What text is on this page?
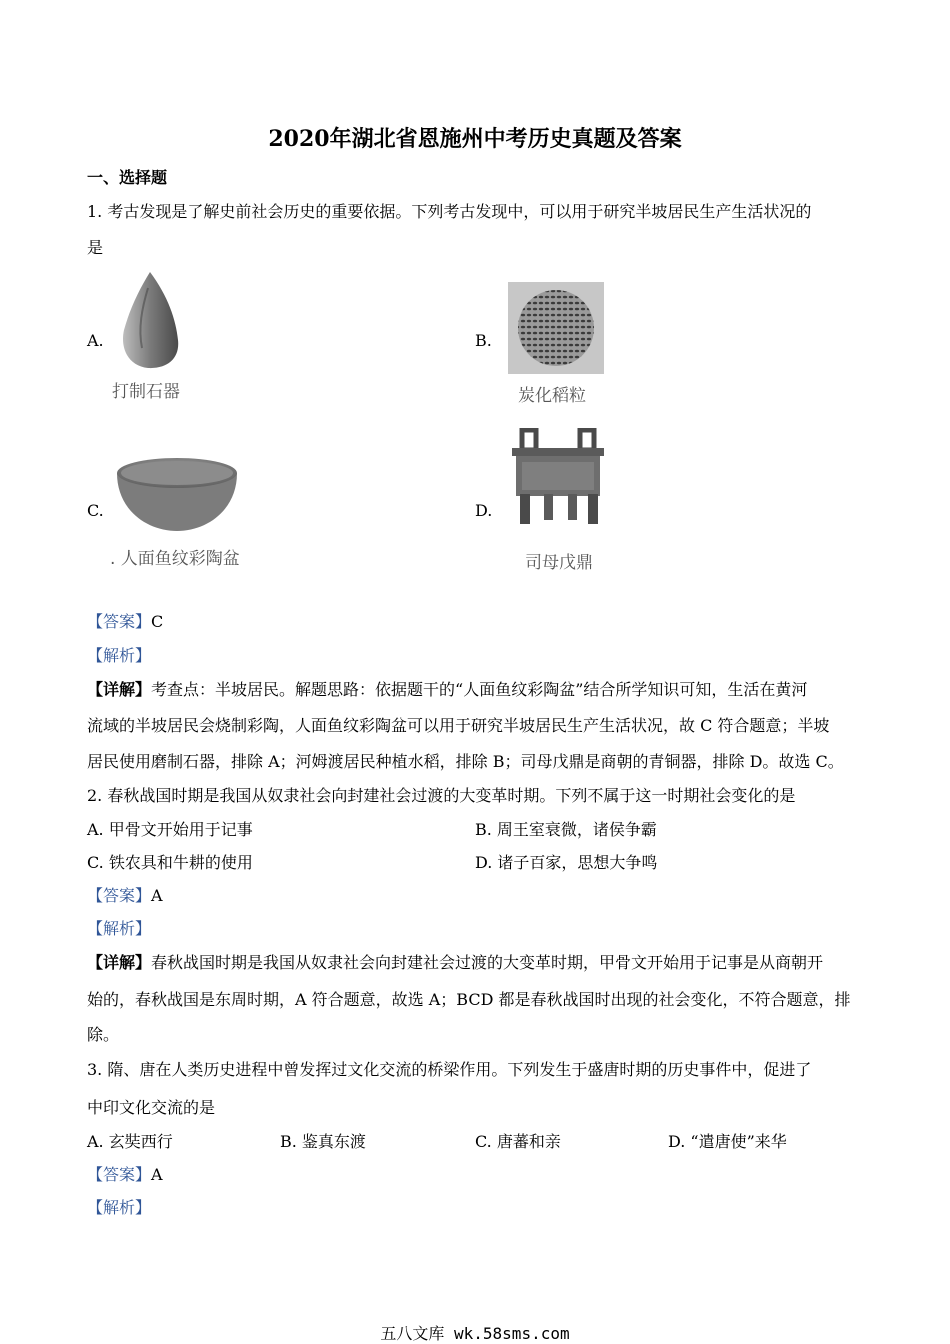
2020年湖北省恩施州中考历史真题及答案
一、选择题
1. 考古发现是了解史前社会历史的重要依据。下列考古发现中，可以用于研究半坡居民生产生活状况的
是
A.
打制石器
B.
炭化稻粒
C.
. 人面鱼纹彩陶盆
D.
司母戊鼎
【答案】C
【解析】
【详解】考查点：半坡居民。解题思路：依据题干的“人面鱼纹彩陶盆”结合所学知识可知，生活在黄河
流域的半坡居民会烧制彩陶，人面鱼纹彩陶盆可以用于研究半坡居民生产生活状况，故 C 符合题意；半坡
居民使用磨制石器，排除 A；河姆渡居民种植水稻，排除 B；司母戊鼎是商朝的青铜器，排除 D。故选 C。
2. 春秋战国时期是我国从奴隶社会向封建社会过渡的大变革时期。下列不属于这一时期社会变化的是
A. 甲骨文开始用于记事	B. 周王室衰微，诸侯争霸
C. 铁农具和牛耕的使用	D. 诸子百家，思想大争鸣
【答案】A
【解析】
【详解】春秋战国时期是我国从奴隶社会向封建社会过渡的大变革时期，甲骨文开始用于记事是从商朝开
始的，春秋战国是东周时期，A 符合题意，故选 A；BCD 都是春秋战国时出现的社会变化，不符合题意，排
除。
3. 隋、唐在人类历史进程中曾发挥过文化交流的桥梁作用。下列发生于盛唐时期的历史事件中，促进了
中印文化交流的是
A. 玄奘西行	B. 鉴真东渡	C. 唐蕃和亲	D. “遣唐使”来华
【答案】A
【解析】
五八文库 wk.58sms.com
